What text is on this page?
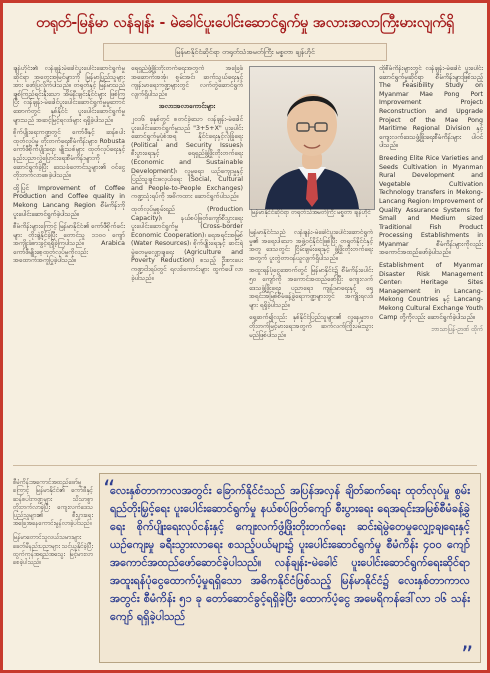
တရုတ်-မြန်မာ လန်ချန်း - မဲခေါင်ပူးပေါင်းဆောင်ရွက်မှု အလားအလာကြီးမားလျက်ရှိ
မြန်မာနိုင်ငံဆိုင်ရာ တရုတ်သံအမတ်ကြီး မစ္စတာ ချန်ဟိုင်

ချန်ဟိုင်း၏ လန်ချန်းမဲခေါင်ပူးပေါင်းဆောင်ရွက်မှုဆိုင်ရာ အတွေးအမြင်များကို မြန်မာပြည်သူများအား ဖော်ပြလိုက်ပါသည်။ တရုတ်နှင့် မြန်မာသည် ချစ်ကြည်ရင်းနှီးသော အိမ်နီးချင်းနိုင်ငံများ ဖြစ်ကြပြီး လန်ချန်း-မဲခေါင်ပူးပေါင်းဆောင်ရွက်မှုမူဘောင်အောက်တွင် နှစ်နိုင်ငံ ပူးပေါင်းဆောင်ရွက်မှုများသည် အဆင့်မြင့်ရလဒ်များ ရရှိခဲ့ပါသည်။

စိုက်ပျိုးရေးကဏ္ဍတွင် ကော်ဖီနှင့် ဆန်စပါးထုတ်လုပ်မှု တိုးတက်ရေးစီမံကိန်းများ၊ Robusta ကော်ဖီစိုက်ပျိုးရေး၊ မျိုးသစ်များ ထုတ်လုပ်ရေးနှင့် နည်းပညာလွှဲပြောင်းရေးစီမံကိန်းများကို ဆောင်ရွက်ခဲ့ပြီး ဒေသခံတောင်သူများ၏ ဝင်ငွေ တိုးတက်လာစေခဲ့ပါသည်။

ထို့ပြင် Improvement of Coffee Production and Coffee quality in Mekong Lancang Region စီမံကိန်းကို ပူးပေါင်းဆောင်ရွက်ခဲ့ပါသည်။

စီမံကိန်းများကြောင့် မြန်မာနိုင်ငံ၏ ကော်ဖီစိုက်ခင်းများ တိုးချဲ့နိုင်ခဲ့ပြီး တောင်သူ ၁၁၀၀ ကျော် အကျိုးခံစားခွင့်ရရှိခဲ့ကြပါသည်။ Arabica ကော်ဖီမျိုးစေ့ထုတ်လုပ်မှုကိုလည်း အထောက်အကူပြုခဲ့ပါသည်။

ရေရှည်ဖွံ့ဖြိုးတိုးတက်ရေးအတွက် အခြေခံအဆောက်အအုံ၊ စွမ်းအင်၊ ဆက်သွယ်ရေးနှင့် ကျန်းမာရေးကဏ္ဍများတွင် လက်တွဲဆောင်ရွက်လျက်ရှိပါသည်။

အလားအလာကောင်းများ

၂၀၁၆ ခုနှစ်တွင် စတင်ခဲ့သော လန်ချန်း-မဲခေါင်ပူးပေါင်းဆောင်ရွက်မှုသည် "3+5+X" ပူးပေါင်းဆောင်ရွက်မှုပုံစံအရ နိုင်ငံရေးနှင့်လုံခြုံရေး (Political and Security Issues)၊ စီးပွားရေးနှင့် ရေရှည်ဖွံ့ဖြိုးတိုးတက်ရေး (Economic and Sustainable Development)၊ လူမှုရေး၊ ယဉ်ကျေးမှုနှင့် ပြည်သူချင်းဖလှယ်ရေး (Social, Cultural and People-to-People Exchanges) ကဏ္ဍသုံးရပ်ကို အဓိကထား ဆောင်ရွက်ပါသည်။

ထုတ်လုပ်မှုစွမ်းရည် (Production Capacity)၊ နယ်စပ်ဖြတ်ကျော်စီးပွားရေး ပူးပေါင်းဆောင်ရွက်မှု (Cross-border Economic Cooperation)၊ ရေအရင်းအမြစ် (Water Resources)၊ စိုက်ပျိုးရေးနှင့် ဆင်းရဲမွဲတေမှုလျှော့ချရေး (Agriculture and Poverty Reduction) စသည့် ဦးစားပေးကဏ္ဍငါးရပ်တွင် ရလဒ်ကောင်းများ ထွက်ပေါ်လာခဲ့ပါသည်။

မြန်မာနိုင်ငံဆိုင်ရာ တရုတ်သံအမတ်ကြီး မစ္စတာ ချန်ဟိုင်

မြန်မာနိုင်ငံသည် လန်ချန်း-မဲခေါင်ပူးပေါင်းဆောင်ရွက်မှု၏ အရေးပါသော အဖွဲ့ဝင်နိုင်ငံဖြစ်ပြီး တရုတ်နိုင်ငံနှင့်အတူ ဒေသတွင်း ငြိမ်းချမ်းရေးနှင့် ဖွံ့ဖြိုးတိုးတက်ရေးအတွက် ပူးတွဲတာဝန်ယူလျက်ရှိပါသည်။

အထူးရန်ပုံငွေအောက်တွင် မြန်မာနိုင်ငံ၌ စီမံကိန်းပေါင်း ၅၀ ကျော်ကို အကောင်အထည်ဖော်ပြီး ကျေးလက်ဒေသဖွံ့ဖြိုးရေး၊ ပညာရေး၊ ကျန်းမာရေးနှင့် ရေအရင်းအမြစ်စီမံခန့်ခွဲရေးကဏ္ဍများတွင် အကျိုးရလဒ်များ ရရှိခဲ့ပါသည်။

ရှေ့ဆက်၍လည်း နှစ်နိုင်ငံပြည်သူများ၏ လူနေမှုဘဝ တိုးတက်မြင့်မားရေးအတွက် ဆက်လက်ကြိုးပမ်းသွားမည်ဖြစ်ပါသည်။

ထိုစီမံကိန်းများတွင် လန်ချန်း-မဲခေါင် ပူးပေါင်းဆောင်ရွက်မှုဆိုင်ရာ စီမံကိန်းများဖြစ်သည့် The Feasibility Study on Myanmar Mae Pong Port Improvement Project၊ Reconstruction and Upgrade Project of the Mae Pong Maritime Regional Division နှင့် ကျေးလက်ဒေသဖွံ့ဖြိုးရေးစီမံကိန်းများ ပါဝင်ပါသည်။

Breeding Elite Rice Varieties and Seeds Cultivation in Myanmar၊ Rural Development and Vegetable Cultivation Technology transfers in Mekong-Lancang Region၊ Improvement of Quality Assurance Systems for Small and Medium sized Traditional Fish Product Processing Establishments in Myanmar စီမံကိန်းများကိုလည်း အကောင်အထည်ဖော်ခဲ့ပါသည်။

Establishment of Myanmar Disaster Risk Management Center၊ Heritage Sites Management in Lancang-Mekong Countries နှင့် Lancang-Mekong Cultural Exchange Youth Camp တို့ကိုလည်း ဆောင်ရွက်ခဲ့ပါသည်။

ဘာသာပြန်-ဉာဏ် ထိုက်

စီမံကိန်းအကောင်အထည်ဖော်မှုကြောင့် မြန်မာနိုင်ငံ၏ ကော်ဖီနှင့် ဆန်စပါးကဏ္ဍများ သိသာစွာတိုးတက်လာခဲ့ပြီး ကျေးလက်ဒေသ ပြည်သူများ၏ စီးပွားရေး အခြေအနေကောင်းမွန်လာခဲ့ပါသည်။

မြန်မာတောင်သူလယ်သမားများ ခေတ်မီနည်းပညာများ သင်ယူနိုင်ခဲ့ပြီး ထွက်ကုန်အရည်အသွေး မြင့်မားလာစေခဲ့ပါသည်။

လေးနှစ်တာကာလအတွင်း ခြောက်နိုင်ငံသည် အပြန်အလှန် ချိတ်ဆက်ရေး ထုတ်လုပ်မှု စွမ်းရည်တိုးမြှင့်ရေး ပူးပေါင်းဆောင်ရွက်မှု နယ်စပ်ဖြတ်ကျော် စီးပွားရေး ရေအရင်းအမြစ်စီမံခန့်ခွဲရေး စိုက်ပျိုးရေးလုပ်ငန်းနှင့် ကျေးလက်ဖွံ့ဖြိုးတိုးတက်ရေး ဆင်းရဲမွဲတေမှုလျှော့ချရေးနှင့် ယဉ်ကျေးမှု ခရီးသွားလာရေး စသည့်ပယ်များ၌ ပူးပေါင်းဆောင်ရွက်မှု စီမံကိန်း ၄၀၀ ကျော် အကောင်အထည်ဖော်ဆောင်ခဲ့ပါသည်။ လန်ချန်း-မဲခေါင် ပူးပေါင်းဆောင်ရွက်ရေးဆိုင်ရာ အထူးရန်ပုံငွေထောက်ပံ့မှုရရှိသော အဓိကနိုင်ငံဖြစ်သည့် မြန်မာနိုင်ငံ၌ လေးနှစ်တာကာလအတွင်း စီမံကိန်း ၅၁ ခု တော်ဆောင်ခွင့်ရရှိခဲ့ပြီး ထောက်ပံ့ငွေ အမေရိကန်ဒေါ်လာ ၁၆ သန်းကျော် ရရှိခဲ့ပါသည်
“
”
